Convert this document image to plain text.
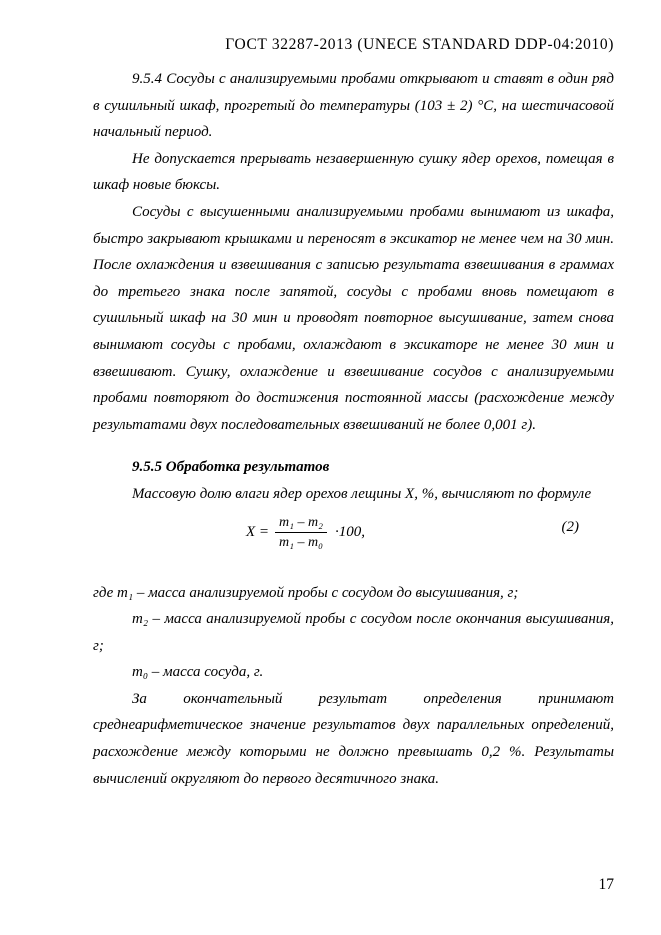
ГОСТ 32287-2013 (UNECE STANDARD DDP-04:2010)

9.5.4 Сосуды с анализируемыми пробами открывают и ставят в один ряд в сушильный шкаф, прогретый до температуры (103 ± 2) °С, на шестичасовой начальный период.

Не допускается прерывать незавершенную сушку ядер орехов, помещая в шкаф новые бюксы.

Сосуды с высушенными анализируемыми пробами вынимают из шкафа, быстро закрывают крышками и переносят в эксикатор не менее чем на 30 мин. После охлаждения и взвешивания с записью результата взвешивания в граммах до третьего знака после запятой, сосуды с пробами вновь помещают в сушильный шкаф на 30 мин и проводят повторное высушивание, затем снова вынимают сосуды с пробами, охлаждают в эксикаторе не менее 30 мин и взвешивают. Сушку, охлаждение и взвешивание сосудов с анализируемыми пробами повторяют до достижения постоянной массы (расхождение между результатами двух последовательных взвешиваний не более 0,001 г).

9.5.5 Обработка результатов

Массовую долю влаги ядер орехов лещины X, %, вычисляют по формуле

$X = \frac{\text{m₁ – m₂}}{\text{m₁ – m₀}} \cdot 100$,	(2)

где m₁ – масса анализируемой пробы с сосудом до высушивания, г;

m₂ – масса анализируемой пробы с сосудом после окончания высушивания, г;

m₀ – масса сосуда, г.

За окончательный результат определения принимают среднеарифметическое значение результатов двух параллельных определений, расхождение между которыми не должно превышать 0,2 %. Результаты вычислений округляют до первого десятичного знака.

17
